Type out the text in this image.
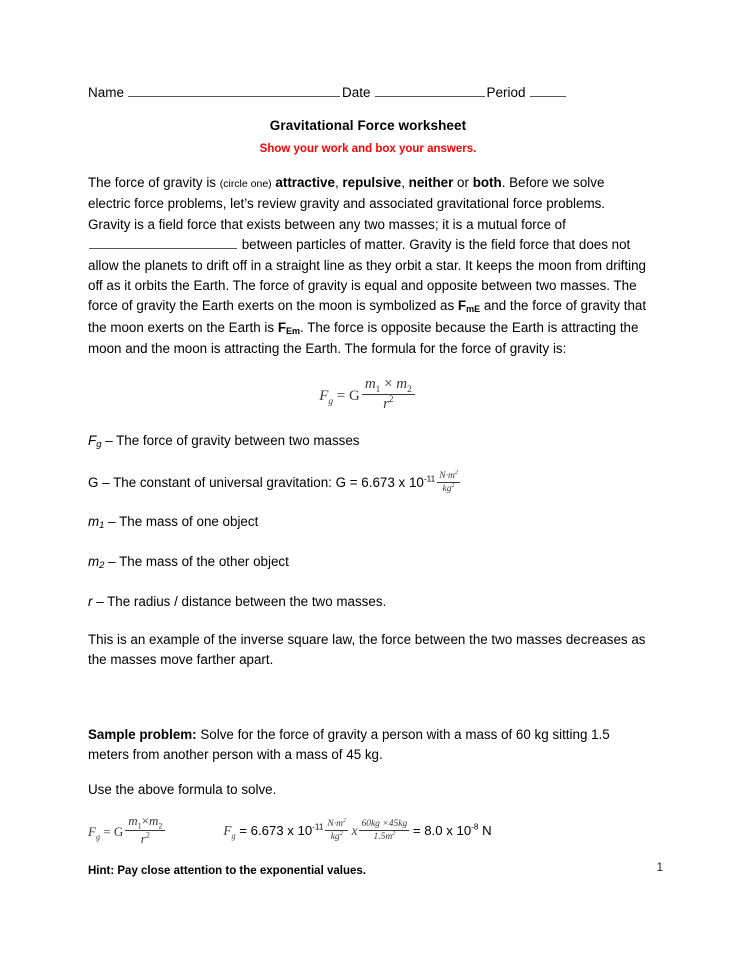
Name	Date	Period
Gravitational Force worksheet
Show your work and box your answers.

The force of gravity is (circle one) attractive, repulsive, neither or both. Before we solve electric force problems, let’s review gravity and associated gravitational force problems. Gravity is a field force that exists between any two masses; it is a mutual force of  between particles of matter. Gravity is the field force that does not allow the planets to drift off in a straight line as they orbit a star. It keeps the moon from drifting off as it orbits the Earth. The force of gravity is equal and opposite between two masses. The force of gravity the Earth exerts on the moon is symbolized as $F_{mE}$ and the force of gravity that the moon exerts on the Earth is $F_{Em}$. The force is opposite because the Earth is attracting the moon and the moon is attracting the Earth. The formula for the force of gravity is:

$F_g = G \frac{m_1 \times m_2}{r^2}$
$F_g$ – The force of gravity between two masses
G – The constant of universal gravitation: G = 6.673 x $10^{-11} \frac{N\cdot m^2}{kg^2}$
$m_1$ – The mass of one object
$m_2$ – The mass of the other object
r – The radius / distance between the two masses.

This is an example of the inverse square law, the force between the two masses decreases as the masses move farther apart.

Sample problem: Solve for the force of gravity a person with a mass of 60 kg sitting 1.5 meters from another person with a mass of 45 kg.

Use the above formula to solve.

$F_g = G \frac{m_1\times m_2}{r^2}$	$F_g = 6.673$ x $10^{-11} \frac{N\cdot m^2}{kg^2}$ x $\frac{60kg \times 45kg}{1.5m^2} = 8.0$ x $10^{-8}$ N
Hint: Pay close attention to the exponential values.	1
